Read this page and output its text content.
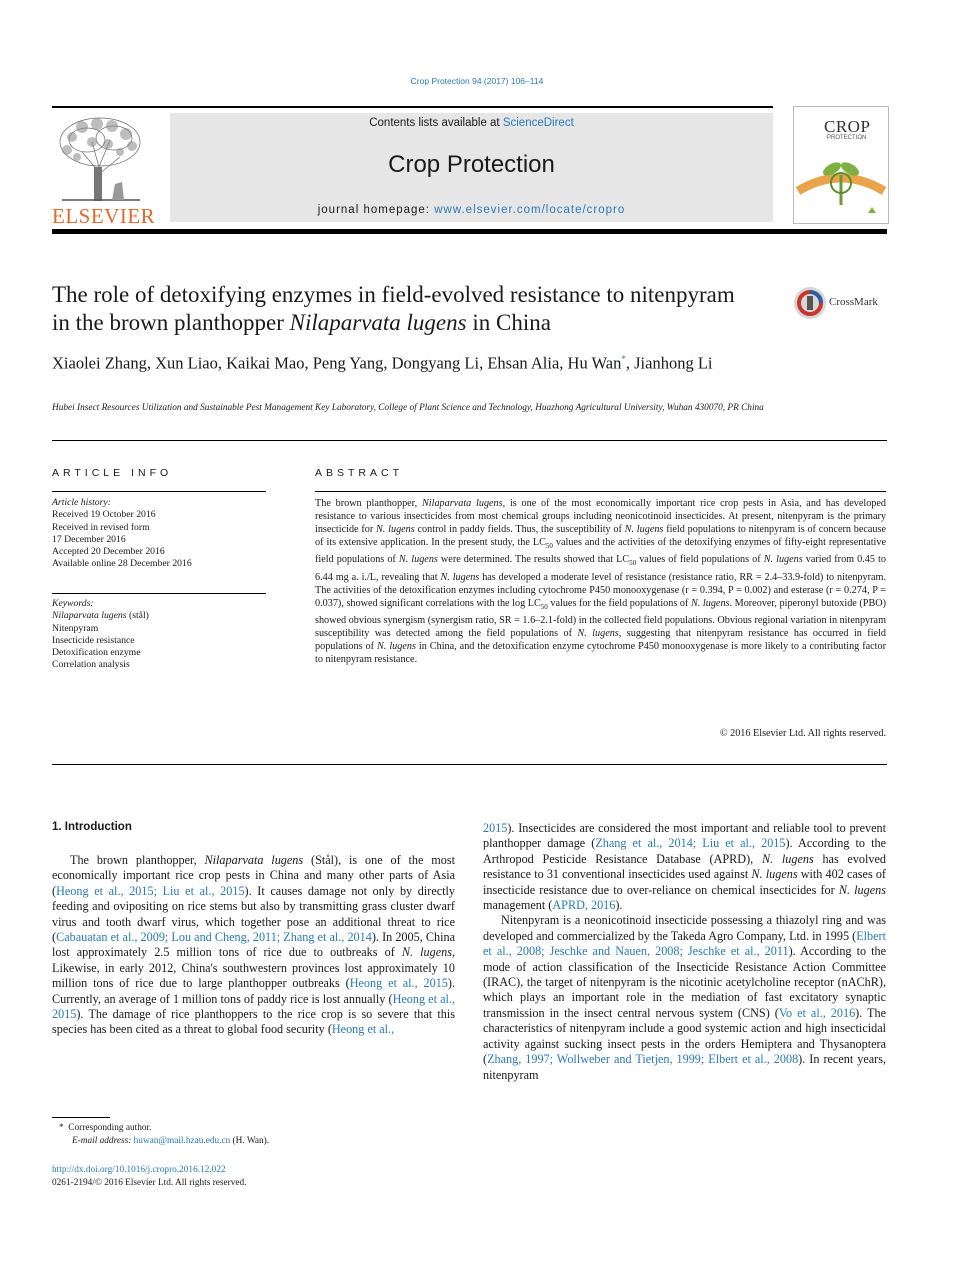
Crop Protection 94 (2017) 106–114
ELSEVIER
Contents lists available at ScienceDirect
Crop Protection
journal homepage: www.elsevier.com/locate/cropro
CROP
PROTECTION
The role of detoxifying enzymes in field-evolved resistance to nitenpyram in the brown planthopper Nilaparvata lugens in China
CrossMark
Xiaolei Zhang, Xun Liao, Kaikai Mao, Peng Yang, Dongyang Li, Ehsan Alia, Hu Wan*, Jianhong Li
Hubei Insect Resources Utilization and Sustainable Pest Management Key Laboratory, College of Plant Science and Technology, Huazhong Agricultural University, Wuhan 430070, PR China
ARTICLE INFO	ABSTRACT
Article history:
Received 19 October 2016
Received in revised form
17 December 2016
Accepted 20 December 2016
Available online 28 December 2016
Keywords:
Nilaparvata lugens (stål)
Nitenpyram
Insecticide resistance
Detoxification enzyme
Correlation analysis
The brown planthopper, Nilaparvata lugens, is one of the most economically important rice crop pests in Asia, and has developed resistance to various insecticides from most chemical groups including neonicotinoid insecticides. At present, nitenpyram is the primary insecticide for N. lugens control in paddy fields. Thus, the susceptibility of N. lugens field populations to nitenpyram is of concern because of its extensive application. In the present study, the $LC_{50}$ values and the activities of the detoxifying enzymes of fifty-eight representative field populations of N. lugens were determined. The results showed that $LC_{50}$ values of field populations of N. lugens varied from 0.45 to 6.44 mg a. i./L, revealing that N. lugens has developed a moderate level of resistance (resistance ratio, RR = 2.4–33.9-fold) to nitenpyram. The activities of the detoxification enzymes including cytochrome P450 monooxygenase (r = 0.394, P = 0.002) and esterase (r = 0.274, P = 0.037), showed significant correlations with the $\log LC_{50}$ values for the field populations of N. lugens. Moreover, piperonyl butoxide (PBO) showed obvious synergism (synergism ratio, SR = 1.6–2.1-fold) in the collected field populations. Obvious regional variation in nitenpyram susceptibility was detected among the field populations of N. lugens, suggesting that nitenpyram resistance has occurred in field populations of N. lugens in China, and the detoxification enzyme cytochrome P450 monooxygenase is more likely to a contributing factor to nitenpyram resistance.
© 2016 Elsevier Ltd. All rights reserved.
1. Introduction
The brown planthopper, Nilaparvata lugens (Stål), is one of the most economically important rice crop pests in China and many other parts of Asia (Heong et al., 2015; Liu et al., 2015). It causes damage not only by directly feeding and ovipositing on rice stems but also by transmitting grass cluster dwarf virus and tooth dwarf virus, which together pose an additional threat to rice (Cabauatan et al., 2009; Lou and Cheng, 2011; Zhang et al., 2014). In 2005, China lost approximately 2.5 million tons of rice due to outbreaks of N. lugens, Likewise, in early 2012, China's southwestern provinces lost approximately 10 million tons of rice due to large planthopper outbreaks (Heong et al., 2015). Currently, an average of 1 million tons of paddy rice is lost annually (Heong et al., 2015). The damage of rice planthoppers to the rice crop is so severe that this species has been cited as a threat to global food security (Heong et al.,

2015). Insecticides are considered the most important and reliable tool to prevent planthopper damage (Zhang et al., 2014; Liu et al., 2015). According to the Arthropod Pesticide Resistance Database (APRD), N. lugens has evolved resistance to 31 conventional insecticides used against N. lugens with 402 cases of insecticide resistance due to over-reliance on chemical insecticides for N. lugens management (APRD, 2016).

Nitenpyram is a neonicotinoid insecticide possessing a thiazolyl ring and was developed and commercialized by the Takeda Agro Company, Ltd. in 1995 (Elbert et al., 2008; Jeschke and Nauen, 2008; Jeschke et al., 2011). According to the mode of action classification of the Insecticide Resistance Action Committee (IRAC), the target of nitenpyram is the nicotinic acetylcholine receptor (nAChR), which plays an important role in the mediation of fast excitatory synaptic transmission in the insect central nervous system (CNS) (Vo et al., 2016). The characteristics of nitenpyram include a good systemic action and high insecticidal activity against sucking insect pests in the orders Hemiptera and Thysanoptera (Zhang, 1997; Wollweber and Tietjen, 1999; Elbert et al., 2008). In recent years, nitenpyram

* Corresponding author.
E-mail address: huwan@mail.hzau.edu.cn (H. Wan).
http://dx.doi.org/10.1016/j.cropro.2016.12.022
0261-2194/© 2016 Elsevier Ltd. All rights reserved.
